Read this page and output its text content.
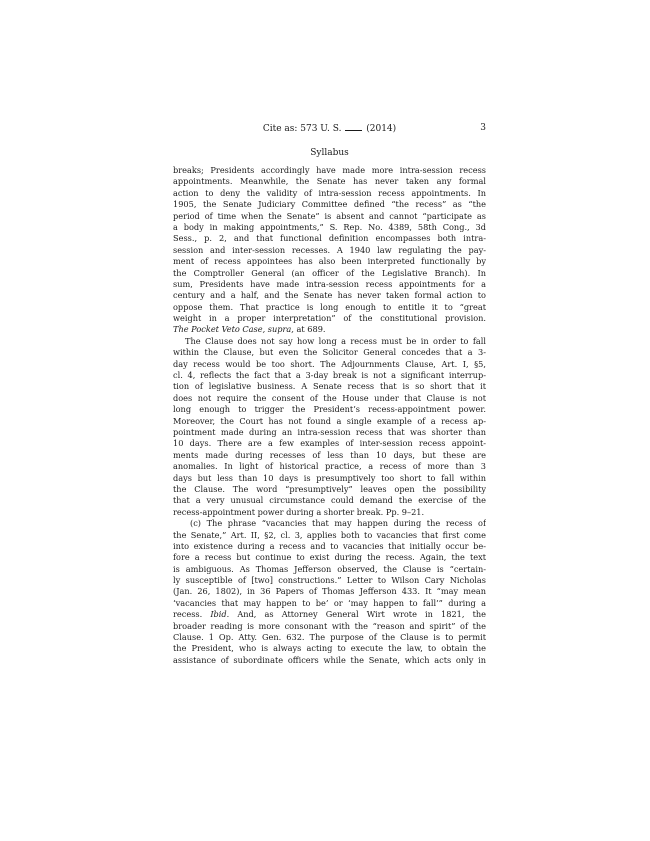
Cite as: 573 U. S.	(2014)	3
Syllabus
breaks; Presidents accordingly have made more intra-session recess
appointments. Meanwhile, the Senate has never taken any formal
action to deny the validity of intra-session recess appointments. In
1905, the Senate Judiciary Committee defined “the recess” as “the
period of time when the Senate” is absent and cannot “participate as
a body in making appointments,” S. Rep. No. 4389, 58th Cong., 3d
Sess., p. 2, and that functional definition encompasses both intra-
session and inter-session recesses. A 1940 law regulating the pay-
ment of recess appointees has also been interpreted functionally by
the Comptroller General (an officer of the Legislative Branch). In
sum, Presidents have made intra-session recess appointments for a
century and a half, and the Senate has never taken formal action to
oppose them. That practice is long enough to entitle it to “great
weight in a proper interpretation” of the constitutional provision.
The Pocket Veto Case, supra, at 689.
The Clause does not say how long a recess must be in order to fall
within the Clause, but even the Solicitor General concedes that a 3-
day recess would be too short. The Adjournments Clause, Art. I, §5,
cl. 4, reflects the fact that a 3-day break is not a significant interrup-
tion of legislative business. A Senate recess that is so short that it
does not require the consent of the House under that Clause is not
long enough to trigger the President’s recess-appointment power.
Moreover, the Court has not found a single example of a recess ap-
pointment made during an intra-session recess that was shorter than
10 days. There are a few examples of inter-session recess appoint-
ments made during recesses of less than 10 days, but these are
anomalies. In light of historical practice, a recess of more than 3
days but less than 10 days is presumptively too short to fall within
the Clause. The word “presumptively” leaves open the possibility
that a very unusual circumstance could demand the exercise of the
recess-appointment power during a shorter break. Pp. 9–21.
(c) The phrase “vacancies that may happen during the recess of
the Senate,” Art. II, §2, cl. 3, applies both to vacancies that first come
into existence during a recess and to vacancies that initially occur be-
fore a recess but continue to exist during the recess. Again, the text
is ambiguous. As Thomas Jefferson observed, the Clause is “certain-
ly susceptible of [two] constructions.” Letter to Wilson Cary Nicholas
(Jan. 26, 1802), in 36 Papers of Thomas Jefferson 433. It “may mean
‘vacancies that may happen to be’ or ‘may happen to fall’” during a
recess. Ibid. And, as Attorney General Wirt wrote in 1821, the
broader reading is more consonant with the “reason and spirit” of the
Clause. 1 Op. Atty. Gen. 632. The purpose of the Clause is to permit
the President, who is always acting to execute the law, to obtain the
assistance of subordinate officers while the Senate, which acts only in
